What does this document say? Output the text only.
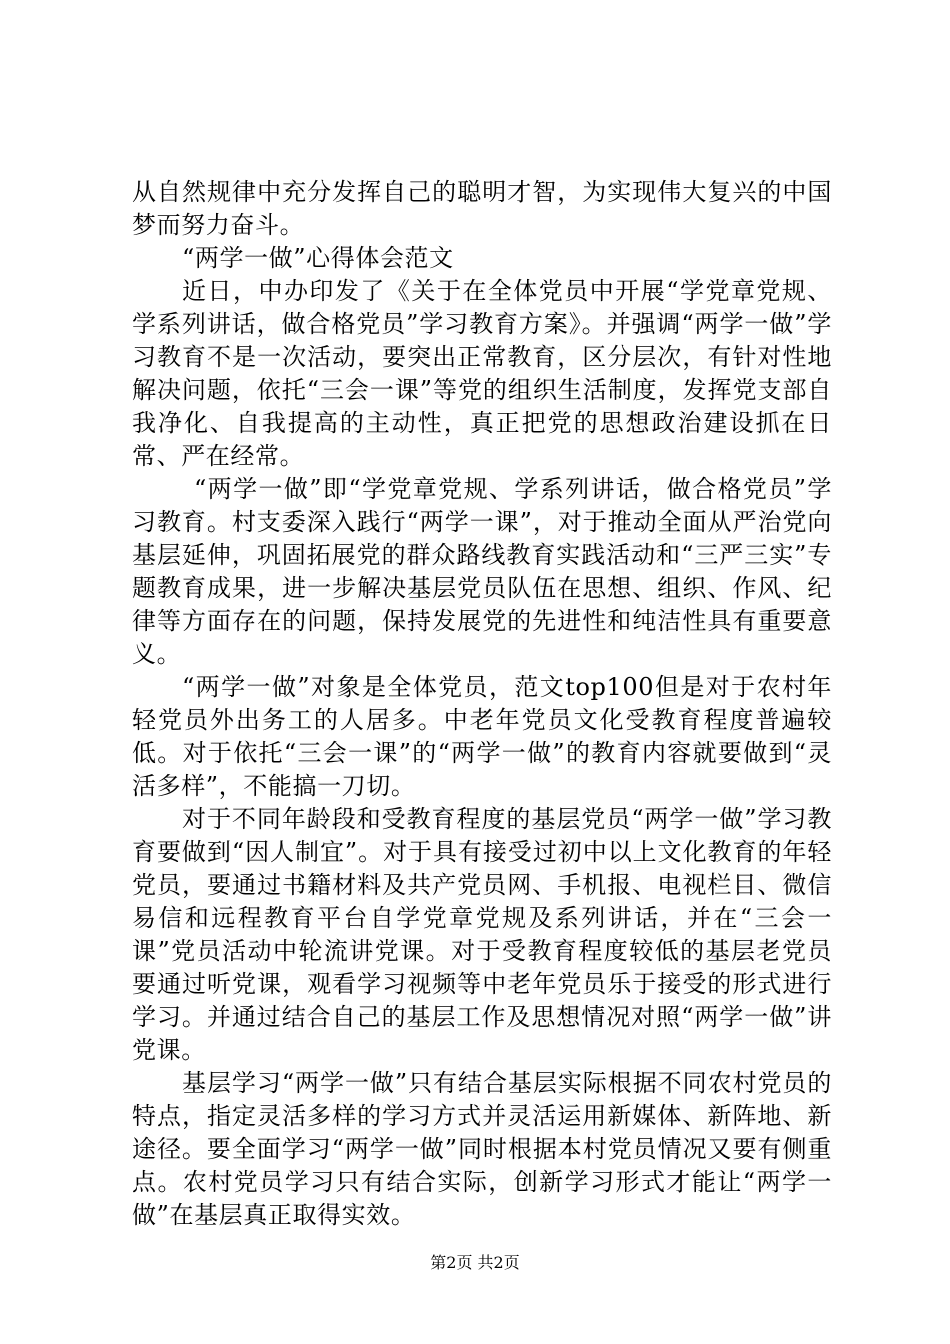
从自然规律中充分发挥自己的聪明才智，为实现伟大复兴的中国梦而努力奋斗。

“两学一做”心得体会范文

近日，中办印发了《关于在全体党员中开展“学党章党规、学系列讲话，做合格党员”学习教育方案》。并强调“两学一做”学习教育不是一次活动，要突出正常教育，区分层次，有针对性地解决问题，依托“三会一课”等党的组织生活制度，发挥党支部自我净化、自我提高的主动性，真正把党的思想政治建设抓在日常、严在经常。

“两学一做”即“学党章党规、学系列讲话，做合格党员”学习教育。村支委深入践行“两学一课”，对于推动全面从严治党向基层延伸，巩固拓展党的群众路线教育实践活动和“三严三实”专题教育成果，进一步解决基层党员队伍在思想、组织、作风、纪律等方面存在的问题，保持发展党的先进性和纯洁性具有重要意义。

“两学一做”对象是全体党员，范文top100但是对于农村年轻党员外出务工的人居多。中老年党员文化受教育程度普遍较低。对于依托“三会一课”的“两学一做”的教育内容就要做到“灵活多样”，不能搞一刀切。

对于不同年龄段和受教育程度的基层党员“两学一做”学习教育要做到“因人制宜”。对于具有接受过初中以上文化教育的年轻党员，要通过书籍材料及共产党员网、手机报、电视栏目、微信易信和远程教育平台自学党章党规及系列讲话，并在“三会一课”党员活动中轮流讲党课。对于受教育程度较低的基层老党员要通过听党课，观看学习视频等中老年党员乐于接受的形式进行学习。并通过结合自己的基层工作及思想情况对照“两学一做”讲党课。

基层学习“两学一做”只有结合基层实际根据不同农村党员的特点，指定灵活多样的学习方式并灵活运用新媒体、新阵地、新途径。要全面学习“两学一做”同时根据本村党员情况又要有侧重点。农村党员学习只有结合实际，创新学习形式才能让“两学一做”在基层真正取得实效。

第2页 共2页
